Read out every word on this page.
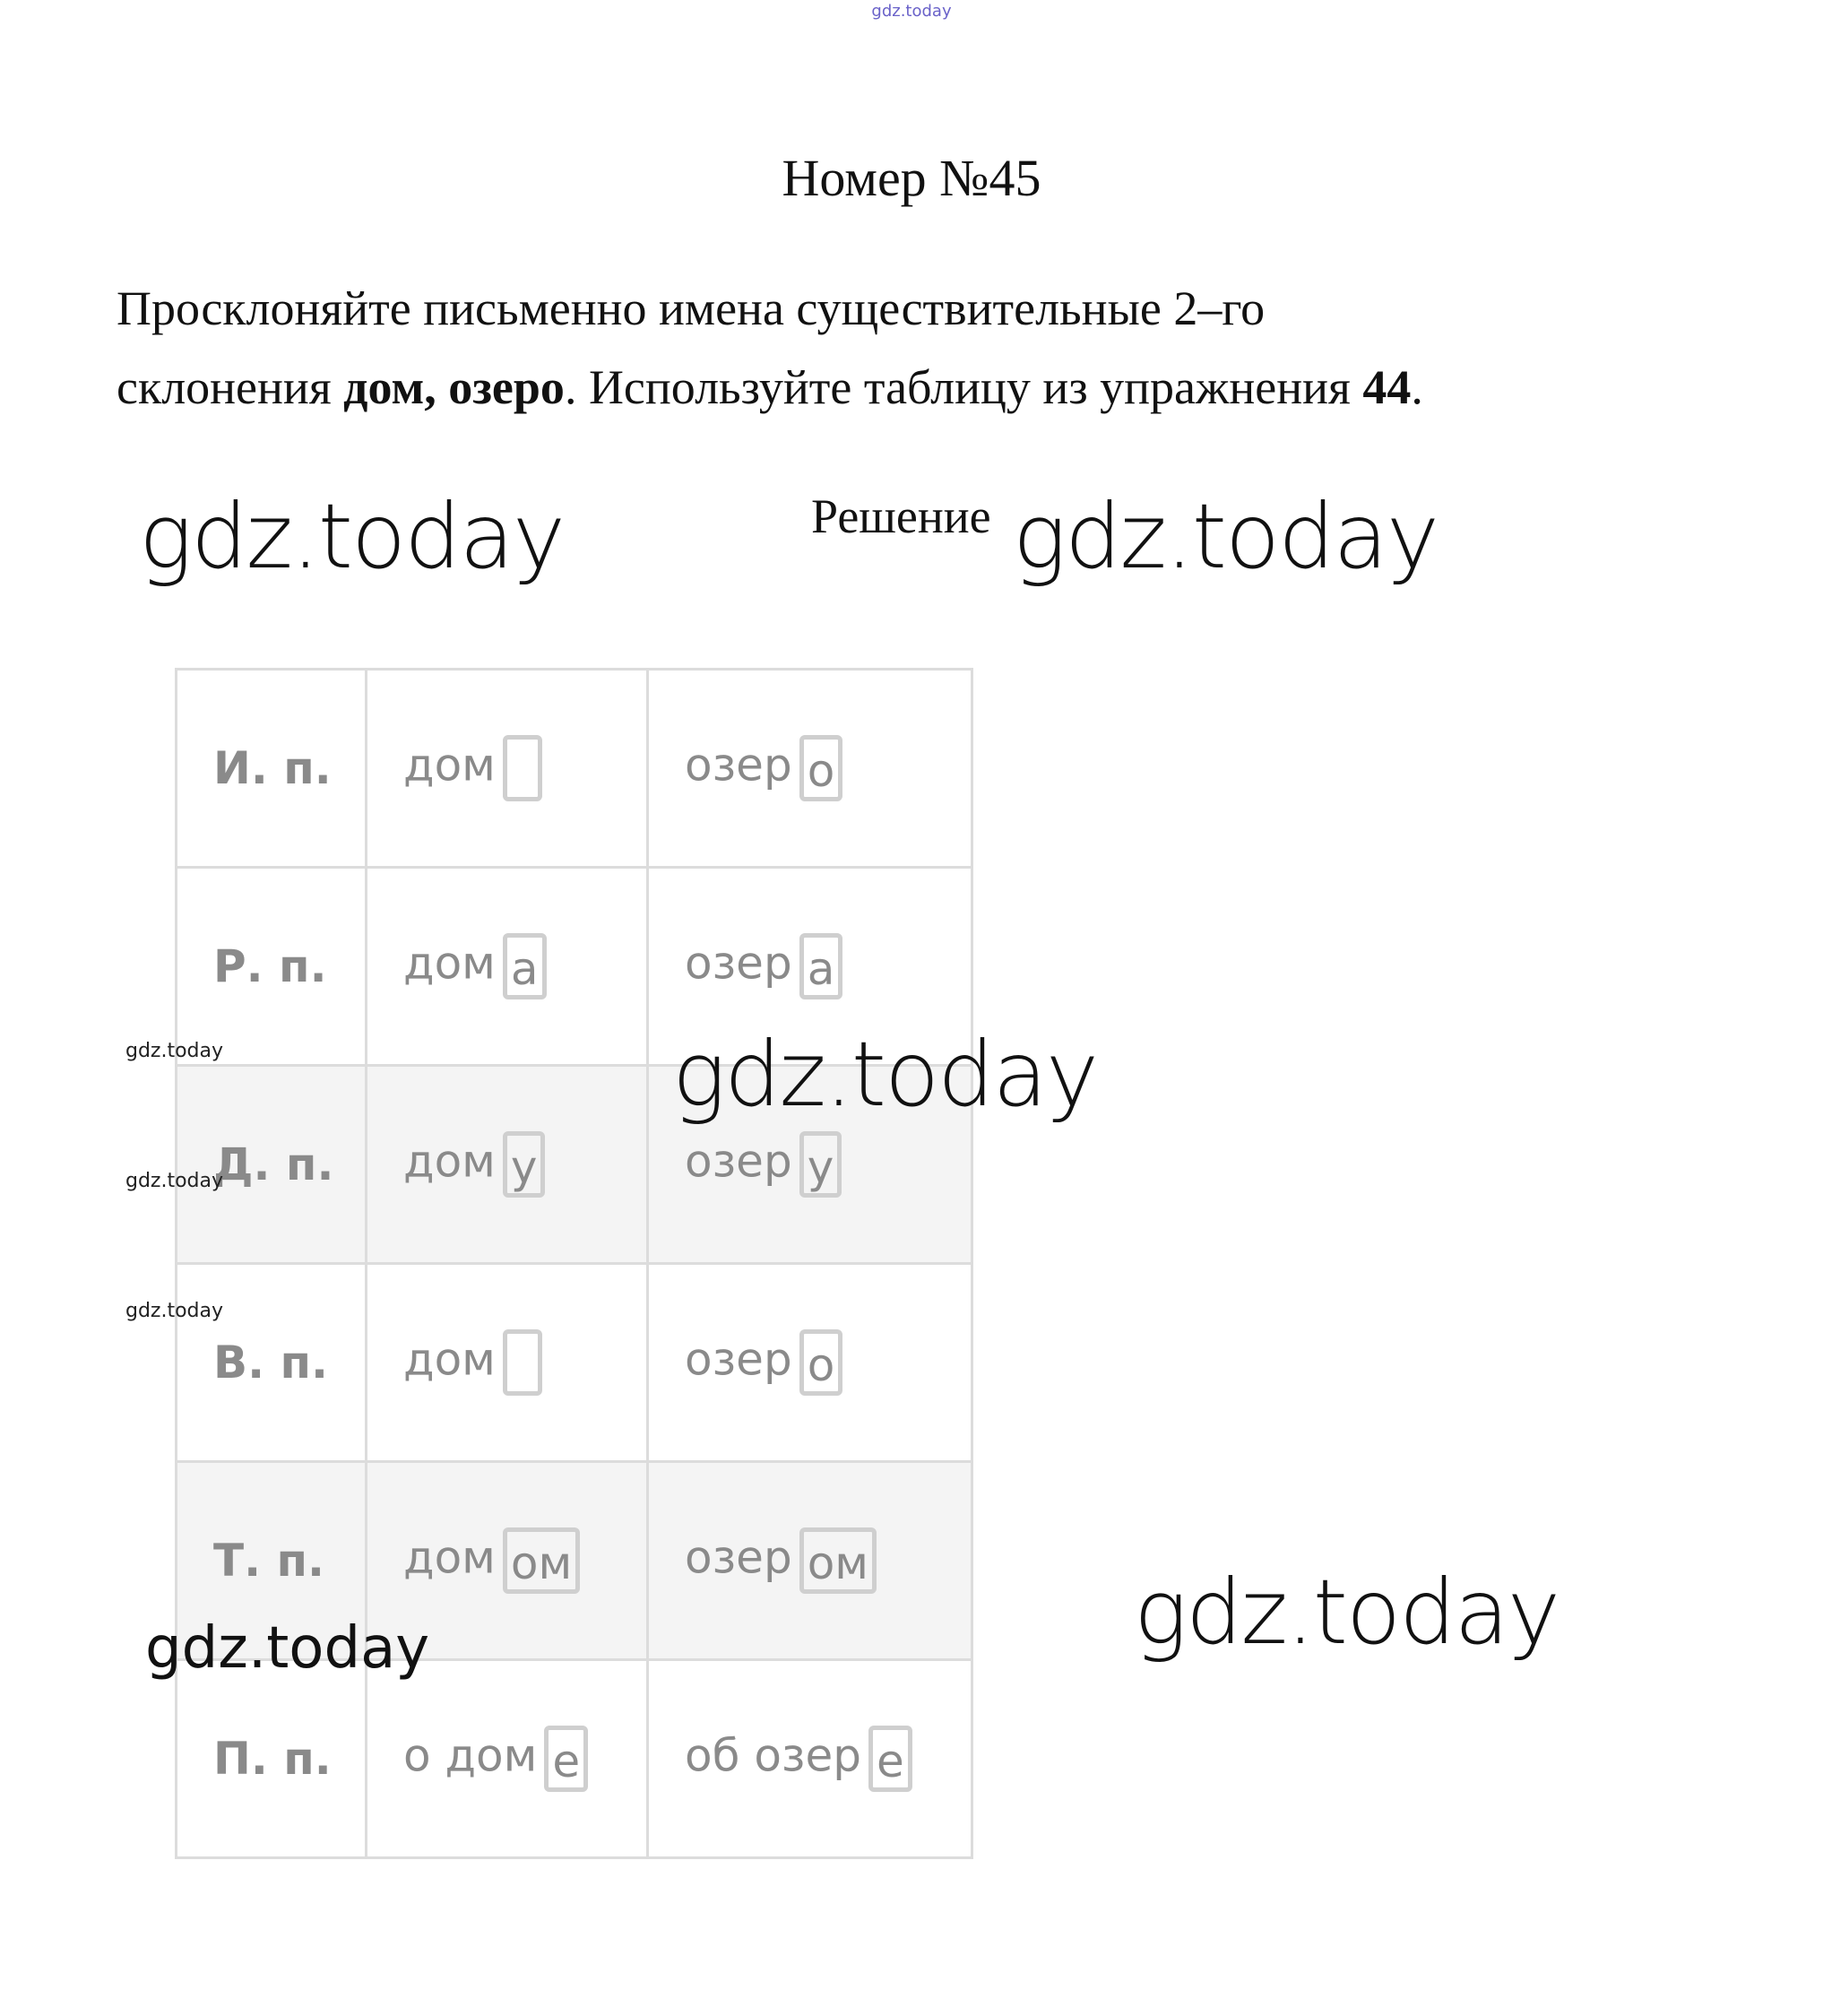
gdz.today
Номер №45
Просклоняйте письменно имена существительные 2–го
склонения дом, озеро. Используйте таблицу из упражнения 44.
Решение
И. п.	дом	озер о
Р. п.	дом а	озер а
Д. п.	дом у	озер у
В. п.	дом	озер о
Т. п.	дом ом	озер ом
П. п.	о дом е	об озер е
gdz.today	gdz.today
gdz.today
gdz.today
gdz.today
gdz.today
gdz.today
gdz.today
